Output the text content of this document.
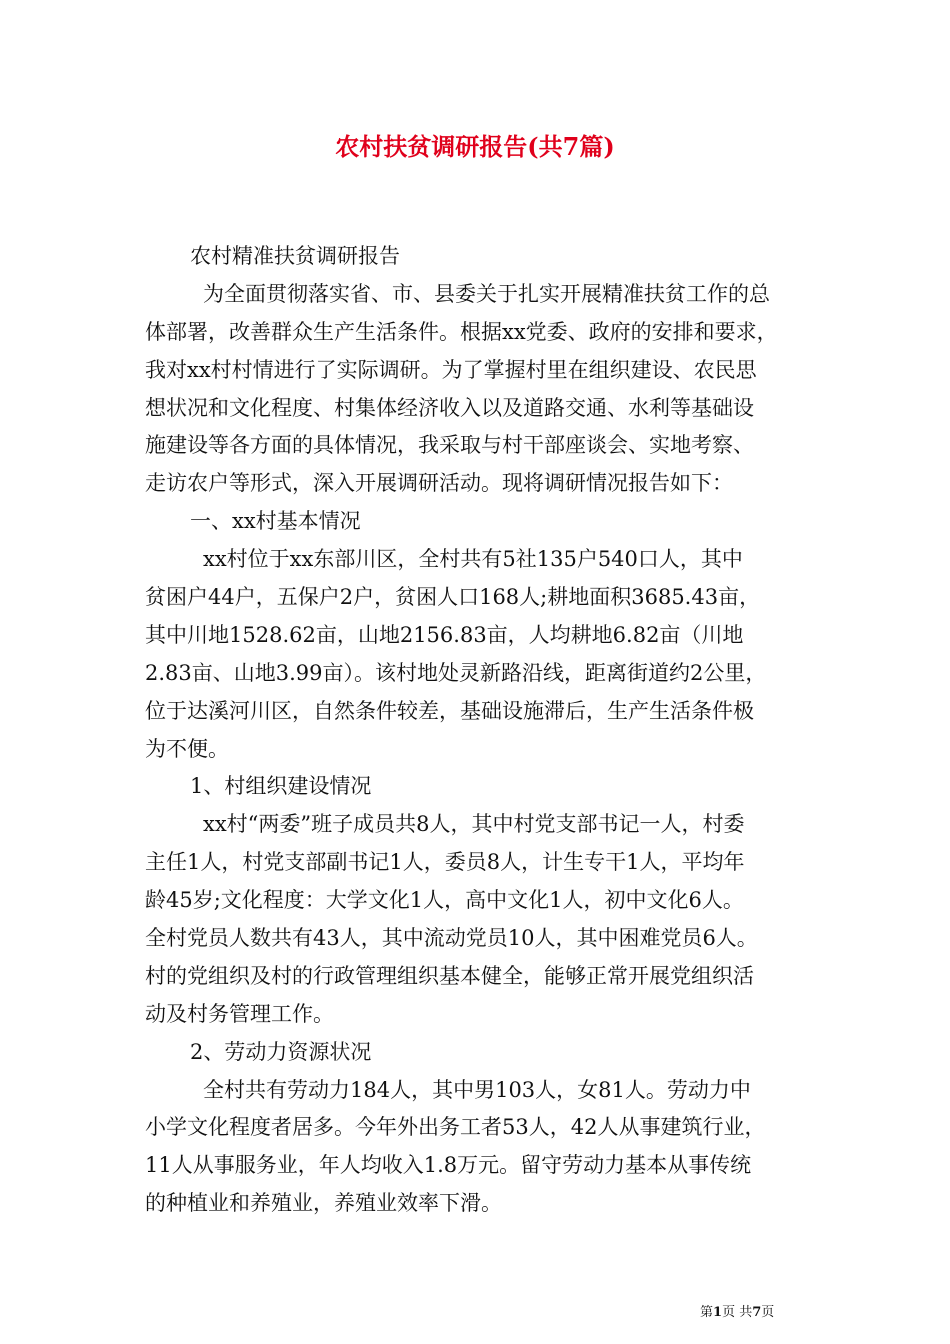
农村扶贫调研报告(共7篇)
农村精准扶贫调研报告
为全面贯彻落实省、市、县委关于扎实开展精准扶贫工作的总
体部署，改善群众生产生活条件。根据xx党委、政府的安排和要求，
我对xx村村情进行了实际调研。为了掌握村里在组织建设、农民思
想状况和文化程度、村集体经济收入以及道路交通、水利等基础设
施建设等各方面的具体情况，我采取与村干部座谈会、实地考察、
走访农户等形式，深入开展调研活动。现将调研情况报告如下：
一、xx村基本情况
xx村位于xx东部川区，全村共有5社135户540口人，其中
贫困户44户，五保户2户，贫困人口168人;耕地面积3685.43亩，
其中川地1528.62亩，山地2156.83亩，人均耕地6.82亩（川地
2.83亩、山地3.99亩）。该村地处灵新路沿线，距离街道约2公里，
位于达溪河川区，自然条件较差，基础设施滞后，生产生活条件极
为不便。
1、村组织建设情况
xx村“两委”班子成员共8人，其中村党支部书记一人，村委
主任1人，村党支部副书记1人，委员8人，计生专干1人，平均年
龄45岁;文化程度：大学文化1人，高中文化1人，初中文化6人。
全村党员人数共有43人，其中流动党员10人，其中困难党员6人。
村的党组织及村的行政管理组织基本健全，能够正常开展党组织活
动及村务管理工作。
2、劳动力资源状况
全村共有劳动力184人，其中男103人，女81人。劳动力中
小学文化程度者居多。今年外出务工者53人，42人从事建筑行业，
11人从事服务业，年人均收入1.8万元。留守劳动力基本从事传统
的种植业和养殖业，养殖业效率下滑。
第1页 共7页
